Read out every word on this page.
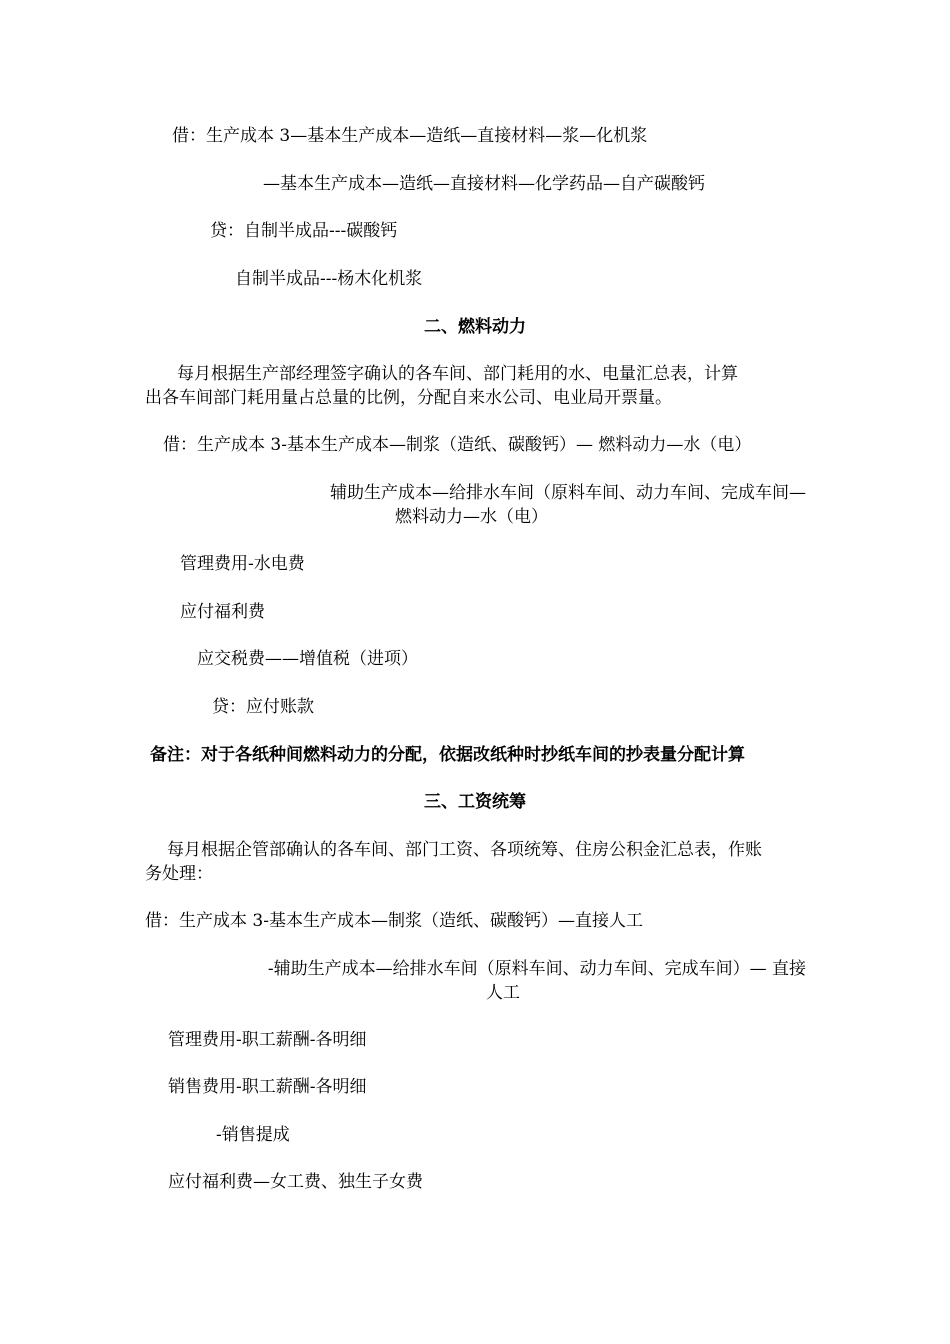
借：生产成本 3—基本生产成本—造纸—直接材料—浆—化机浆
—基本生产成本—造纸—直接材料—化学药品—自产碳酸钙
贷：自制半成品---碳酸钙
自制半成品---杨木化机浆
二、燃料动力
每月根据生产部经理签字确认的各车间、部门耗用的水、电量汇总表，计算
出各车间部门耗用量占总量的比例，分配自来水公司、电业局开票量。
借：生产成本 3-基本生产成本—制浆（造纸、碳酸钙）— 燃料动力—水（电）
辅助生产成本—给排水车间（原料车间、动力车间、完成车间—
燃料动力—水（电）
管理费用-水电费
应付福利费
应交税费——增值税（进项）
贷：应付账款
备注：对于各纸种间燃料动力的分配，依据改纸种时抄纸车间的抄表量分配计算
三、工资统筹
每月根据企管部确认的各车间、部门工资、各项统筹、住房公积金汇总表，作账
务处理：
借：生产成本 3-基本生产成本—制浆（造纸、碳酸钙）—直接人工
-辅助生产成本—给排水车间（原料车间、动力车间、完成车间）— 直接
人工
管理费用-职工薪酬-各明细
销售费用-职工薪酬-各明细
-销售提成
应付福利费—女工费、独生子女费
